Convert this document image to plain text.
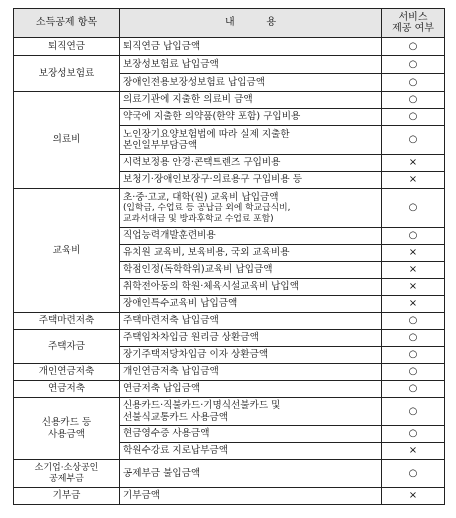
소득공제 항목	내          용	서비스
제공 여부
퇴직연금	퇴직연금 납입금액	○
보장성보험료	보장성보험료 납입금액	○
	장애인전용보장성보험료 납입금액	○
의료비	의료기관에 지출한 의료비 금액	○
	약국에 지출한 의약품(한약 포함) 구입비용	○
	노인장기요양보험법에 따라 실제 지출한
본인일부부담금액	○
	시력보정용 안경·콘택트렌즈 구입비용	×
	보청기·장애인보장구·의료용구 구입비용 등	×
교육비	초·중·고교, 대학(원) 교육비 납입금액
(입학금, 수업료 등 공납금 외에 학교급식비,
교과서대금 및 방과후학교 수업료 포함)	○
	직업능력개발훈련비용	○
	유치원 교육비, 보육비용, 국외 교육비용	×
	학점인정(독학학위)교육비 납입금액	×
	취학전아동의 학원·체육시설교육비 납입액	×
	장애인특수교육비 납입금액	×
주택마련저축	주택마련저축 납입금액	○
주택자금	주택임차차입금 원리금 상환금액	○
	장기주택저당차입금 이자 상환금액	○
개인연금저축	개인연금저축 납입금액	○
연금저축	연금저축 납입금액	○
신용카드 등
사용금액	신용카드·직불카드·기명식선불카드 및
선불식교통카드 사용금액	○
	현금영수증 사용금액	○
	학원수강료 지로납부금액	×
소기업·소상공인
공제부금	공제부금 불입금액	○
기부금	기부금액	×
